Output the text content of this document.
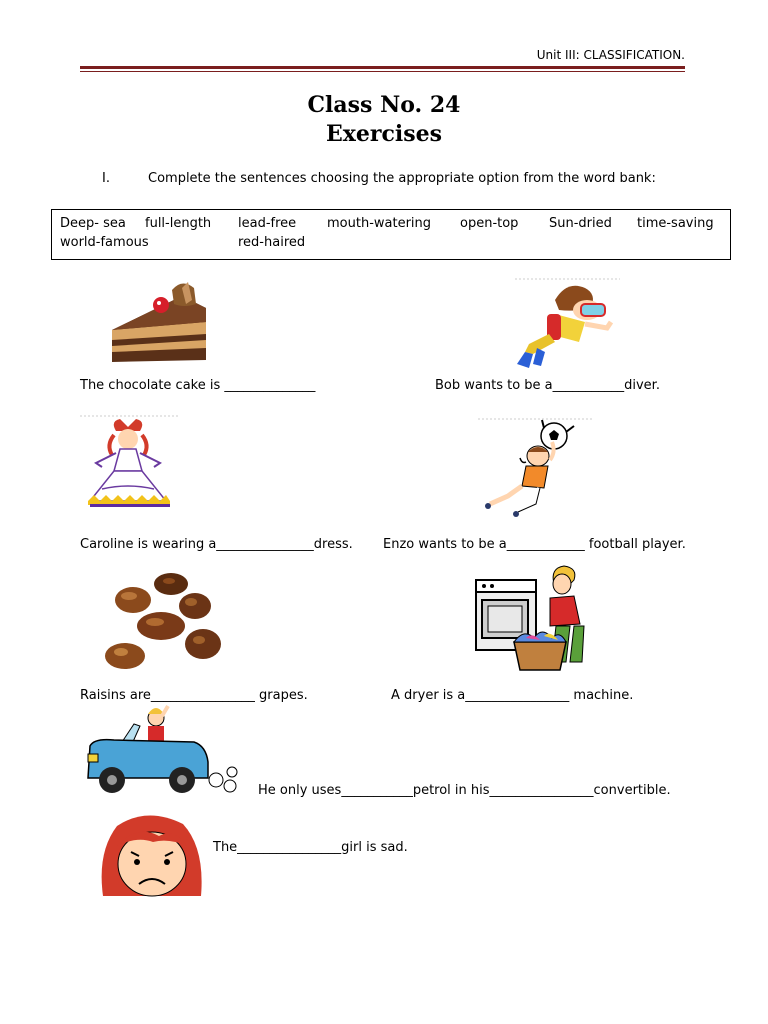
Unit III: CLASSIFICATION.
Class No. 24
Exercises
I.	Complete the sentences choosing the appropriate option from the word bank:
Deep- sea full-length lead-free mouth-watering open-top Sun-dried time-saving
world-famous	red-haired
The chocolate cake is ______________	Bob wants to be a___________diver.
Caroline is wearing a_______________dress. Enzo wants to be a____________ football player.
Raisins are________________ grapes.	A dryer is a________________ machine.
He only uses___________petrol in his________________convertible.
The________________girl is sad.
